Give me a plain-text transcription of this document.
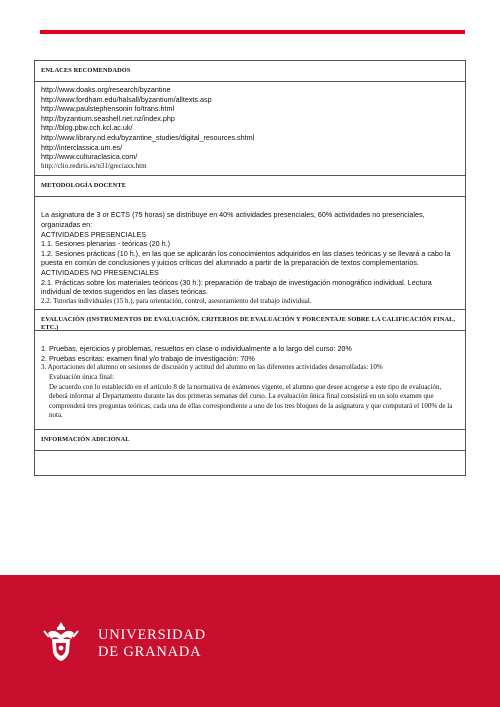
ENLACES RECOMENDADOS
http://www.doaks.org/research/byzantine
http://www.fordham.edu/halsall/byzantium/alltexts.asp
http://www.paulstephensonin fo/trans.html
http://byzantium.seashell.net.nz/index.php
http://blog.pbw.cch.kcl.ac.uk/
http://www.library.nd.edu/byzantine_studies/digital_resources.shtml
http://interclassica.um.es/
http://www.culturaclasica.com/
http://clio.rediris.es/n31/greciaxx.htm
METODOLOGÍA DOCENTE
La asignatura de 3 or ECTS (75 horas) se distribuye en 40% actividades presenciales, 60% actividades no presenciales, organizadas en:
ACTIVIDADES PRESENCIALES
1.1. Sesiones plenarias - teóricas (20 h.)
1.2. Sesiones prácticas (10 h.), en las que se aplicarán los conocimientos adquiridos en las clases teóricas y se llevará a cabo la puesta en común de conclusiones y juicios críticos del alumnado a partir de la preparación de textos complementarios.
ACTIVIDADES NO PRESENCIALES
2.1. Prácticas sobre los materiales teóricos (30 h.): preparación de trabajo de investigación monográfico individual. Lectura individual de textos sugeridos en las clases teóricas.
2.2. Tutorías individuales (15 h.), para orientación, control, asesoramiento del trabajo individual.
EVALUACIÓN (INSTRUMENTOS DE EVALUACIÓN, CRITERIOS DE EVALUACIÓN Y PORCENTAJE SOBRE LA CALIFICACIÓN FINAL, ETC.)
1. Pruebas, ejercicios y problemas, resueltos en clase o individualmente a lo largo del curso: 20%
2. Pruebas escritas: examen final y/o trabajo de investigación: 70%
3. Aportaciones del alumno en sesiones de discusión y actitud del alumno en las diferentes actividades desarrolladas: 10%
Evaluación única final:
De acuerdo con lo establecido en el artículo 8 de la normativa de exámenes vigente, el alumno que desee acogerse a este tipo de evaluación, deberá informar al Departamento durante las dos primeras semanas del curso. La evaluación única final consistirá en un solo examen que comprenderá tres preguntas teóricas, cada una de ellas correspondiente a uno de los tres bloques de la asignatura y que computará el 100% de la nota.
INFORMACIÓN ADICIONAL
UNIVERSIDAD
DE GRANADA
